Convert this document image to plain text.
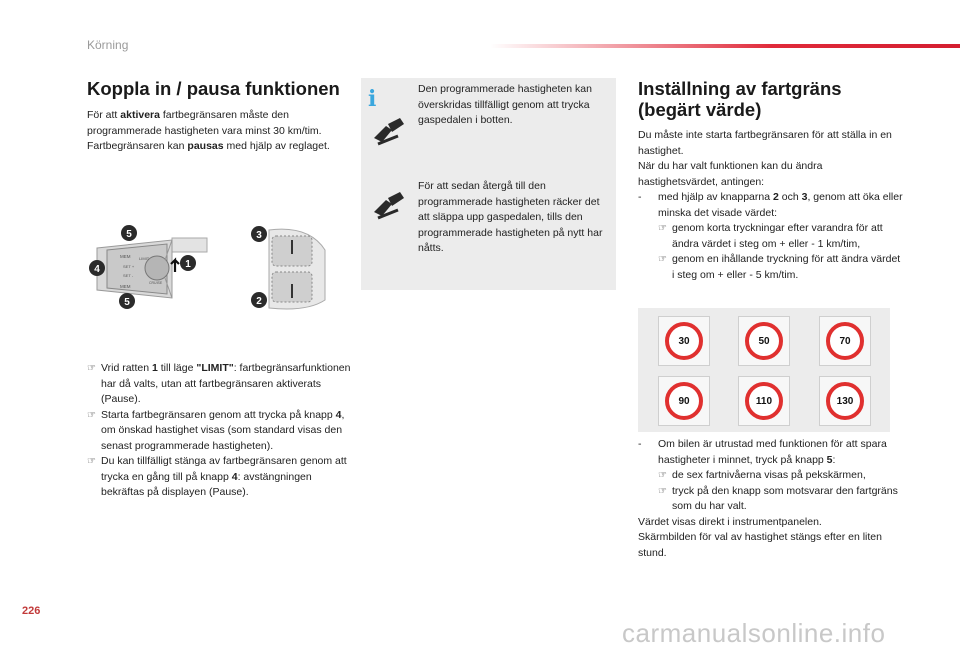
Körning
Koppla in / pausa funktionen
För att aktivera fartbegränsaren måste den programmerade hastigheten vara minst 30 km/tim. Fartbegränsaren kan pausas med hjälp av reglaget.
MEM LIMIT
SET +
SET -
CRUISE
MEM
5
4	1
5
3
2
☞ Vrid ratten 1 till läge "LIMIT": fartbegränsarfunktionen har då valts, utan att fartbegränsaren aktiverats (Pause).
☞ Starta fartbegränsaren genom att trycka på knapp 4, om önskad hastighet visas (som standard visas den senast programmerade hastigheten).
☞ Du kan tillfälligt stänga av fartbegränsaren genom att trycka en gång till på knapp 4: avstängningen bekräftas på displayen (Pause).
i	Den programmerade hastigheten kan överskridas tillfälligt genom att trycka gaspedalen i botten.
För att sedan återgå till den programmerade hastigheten räcker det att släppa upp gaspedalen, tills den programmerade hastigheten på nytt har nåtts.
Inställning av fartgräns (begärt värde)
Du måste inte starta fartbegränsaren för att ställa in en hastighet.
När du har valt funktionen kan du ändra hastighetsvärdet, antingen:
- med hjälp av knapparna 2 och 3, genom att öka eller minska det visade värdet:
☞ genom korta tryckningar efter varandra för att ändra värdet i steg om + eller - 1 km/tim,
☞ genom en ihållande tryckning för att ändra värdet i steg om + eller - 5 km/tim.
30	50	70
90	110	130
- Om bilen är utrustad med funktionen för att spara hastigheter i minnet, tryck på knapp 5:
☞ de sex fartnivåerna visas på pekskärmen,
☞ tryck på den knapp som motsvarar den fartgräns som du har valt.
Värdet visas direkt i instrumentpanelen.
Skärmbilden för val av hastighet stängs efter en liten stund.
226
carmanualsonline.info
